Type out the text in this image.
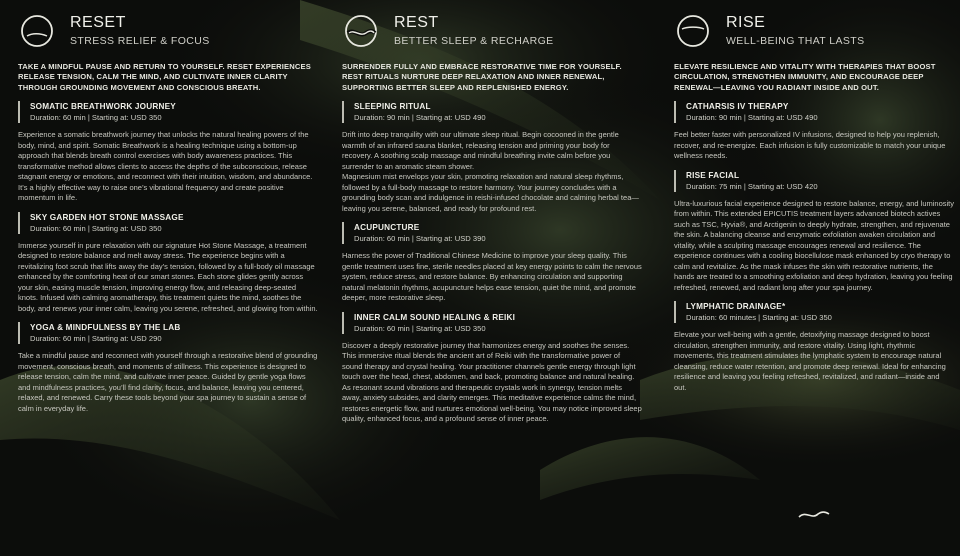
RESET
STRESS RELIEF & FOCUS

TAKE A MINDFUL PAUSE AND RETURN TO YOURSELF. RESET EXPERIENCES RELEASE TENSION, CALM THE MIND, AND CULTIVATE INNER CLARITY THROUGH GROUNDING MOVEMENT AND CONSCIOUS BREATH.

SOMATIC BREATHWORK JOURNEY
Duration: 60 min | Starting at: USD 350

Experience a somatic breathwork journey that unlocks the natural healing powers of the body, mind, and spirit. Somatic Breathwork is a healing technique using a bottom-up approach that blends breath control exercises with body awareness practices. This transformative method allows clients to access the depths of the subconscious, release stagnant energy or emotions, and reconnect with their intuition, wisdom, and abundance. It’s a highly effective way to raise one’s vibrational frequency and create positive momentum in life.

SKY GARDEN HOT STONE MASSAGE
Duration: 60 min | Starting at: USD 350

Immerse yourself in pure relaxation with our signature Hot Stone Massage, a treatment designed to restore balance and melt away stress. The experience begins with a revitalizing foot scrub that lifts away the day’s tension, followed by a full-body oil massage enhanced by the comforting heat of our smart stones. Each stone glides gently across your skin, easing muscle tension, improving energy flow, and releasing deep-seated knots. Infused with calming aromatherapy, this treatment quiets the mind, soothes the body, and renews your inner calm, leaving you serene, refreshed, and glowing from within.

YOGA & MINDFULNESS BY THE LAB
Duration: 60 min | Starting at: USD 290

Take a mindful pause and reconnect with yourself through a restorative blend of grounding movement, conscious breath, and moments of stillness. This experience is designed to release tension, calm the mind, and cultivate inner peace. Guided by gentle yoga flows and mindfulness practices, you’ll find clarity, focus, and balance, leaving you centered, relaxed, and renewed. Carry these tools beyond your spa journey to sustain a sense of calm in everyday life.

REST
BETTER SLEEP & RECHARGE

SURRENDER FULLY AND EMBRACE RESTORATIVE TIME FOR YOURSELF. REST RITUALS NURTURE DEEP RELAXATION AND INNER RENEWAL, SUPPORTING BETTER SLEEP AND REPLENISHED ENERGY.

SLEEPING RITUAL
Duration: 90 min | Starting at: USD 490

Drift into deep tranquility with our ultimate sleep ritual. Begin cocooned in the gentle warmth of an infrared sauna blanket, releasing tension and priming your body for recovery. A soothing scalp massage and mindful breathing invite calm before you surrender to an aromatic steam shower.

Magnesium mist envelops your skin, promoting relaxation and natural sleep rhythms, followed by a full-body massage to restore harmony. Your journey concludes with a grounding body scan and indulgence in reishi-infused chocolate and calming herbal tea—leaving you serene, balanced, and ready for profound rest.

ACUPUNCTURE
Duration: 60 min | Starting at: USD 390

Harness the power of Traditional Chinese Medicine to improve your sleep quality. This gentle treatment uses fine, sterile needles placed at key energy points to calm the nervous system, reduce stress, and restore balance. By enhancing circulation and supporting natural melatonin rhythms, acupuncture helps ease tension, quiet the mind, and promote deeper, more restorative sleep.

INNER CALM SOUND HEALING & REIKI
Duration: 60 min | Starting at: USD 350

Discover a deeply restorative journey that harmonizes energy and soothes the senses. This immersive ritual blends the ancient art of Reiki with the transformative power of sound therapy and crystal healing. Your practitioner channels gentle energy through light touch over the head, chest, abdomen, and back, promoting balance and natural healing. As resonant sound vibrations and therapeutic crystals work in synergy, tension melts away, anxiety subsides, and clarity emerges. This meditative experience calms the mind, restores energetic flow, and nurtures emotional well-being. You may notice improved sleep quality, enhanced focus, and a profound sense of inner peace.

RISE
WELL-BEING THAT LASTS

ELEVATE RESILIENCE AND VITALITY WITH THERAPIES THAT BOOST CIRCULATION, STRENGTHEN IMMUNITY, AND ENCOURAGE DEEP RENEWAL—LEAVING YOU RADIANT INSIDE AND OUT.

CATHARSIS IV THERAPY
Duration: 90 min | Starting at: USD 490

Feel better faster with personalized IV infusions, designed to help you replenish, recover, and re-energize. Each infusion is fully customizable to match your unique wellness needs.

RISE FACIAL
Duration: 75 min | Starting at: USD 420

Ultra-luxurious facial experience designed to restore balance, energy, and luminosity from within. This extended EPICUTIS treatment layers advanced biotech actives such as TSC, Hyvia®, and Arctigenin to deeply hydrate, strengthen, and rejuvenate the skin. A balancing cleanse and enzymatic exfoliation awaken circulation and vitality, while a sculpting massage encourages renewal and resilience. The experience continues with a cooling biocellulose mask enhanced by cryo therapy to calm and revitalize. As the mask infuses the skin with restorative nutrients, the hands are treated to a smoothing exfoliation and deep hydration, leaving you feeling refreshed, renewed, and radiant long after your spa journey.

LYMPHATIC DRAINAGE*
Duration: 60 minutes | Starting at: USD 350

Elevate your well-being with a gentle, detoxifying massage designed to boost circulation, strengthen immunity, and restore vitality. Using light, rhythmic movements, this treatment stimulates the lymphatic system to encourage natural cleansing, reduce water retention, and promote deep renewal. Ideal for enhancing resilience and leaving you feeling refreshed, revitalized, and radiant—inside and out.
